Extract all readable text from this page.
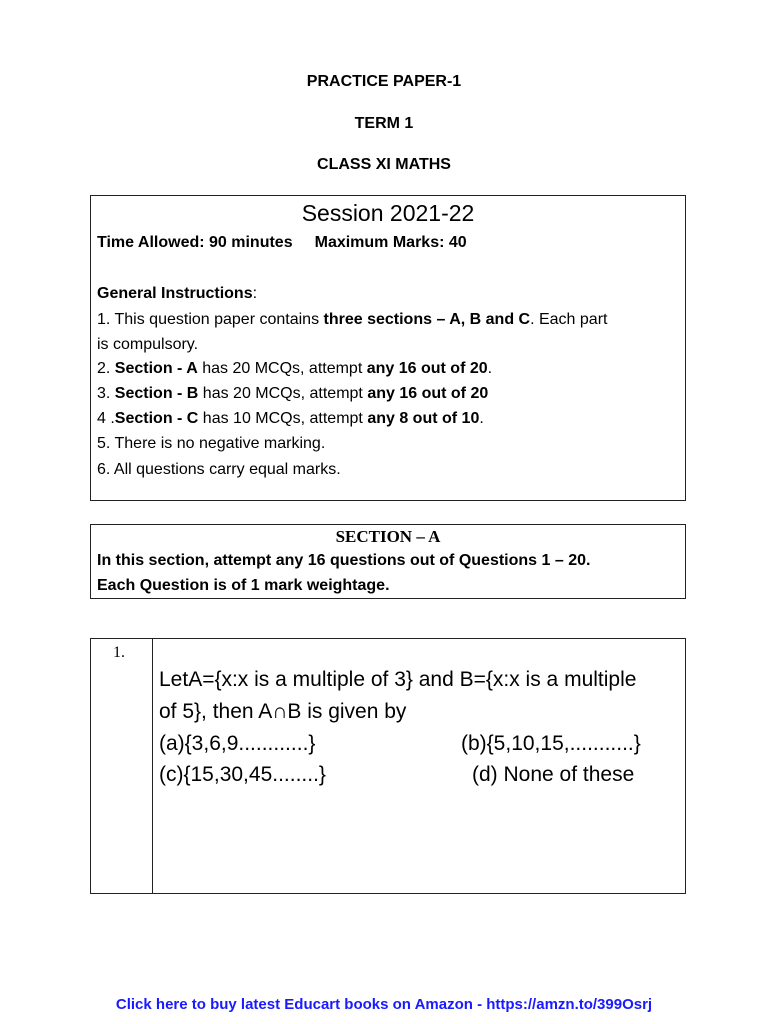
PRACTICE PAPER-1
TERM 1
CLASS XI MATHS
Session 2021-22
Time Allowed: 90 minutes Maximum Marks: 40
General Instructions:
1. This question paper contains three sections – A, B and C. Each part
is compulsory.
2. Section - A has 20 MCQs, attempt any 16 out of 20.
3. Section - B has 20 MCQs, attempt any 16 out of 20
4 .Section - C has 10 MCQs, attempt any 8 out of 10.
5. There is no negative marking.
6. All questions carry equal marks.
SECTION – A
In this section, attempt any 16 questions out of Questions 1 – 20.
Each Question is of 1 mark weightage.
1.
LetA={x:x is a multiple of 3} and B={x:x is a multiple
of 5}, then A∩B is given by
(a){3,6,9............}	(b){5,10,15,...........}
(c){15,30,45........}	(d) None of these
Click here to buy latest Educart books on Amazon - https://amzn.to/399Osrj
